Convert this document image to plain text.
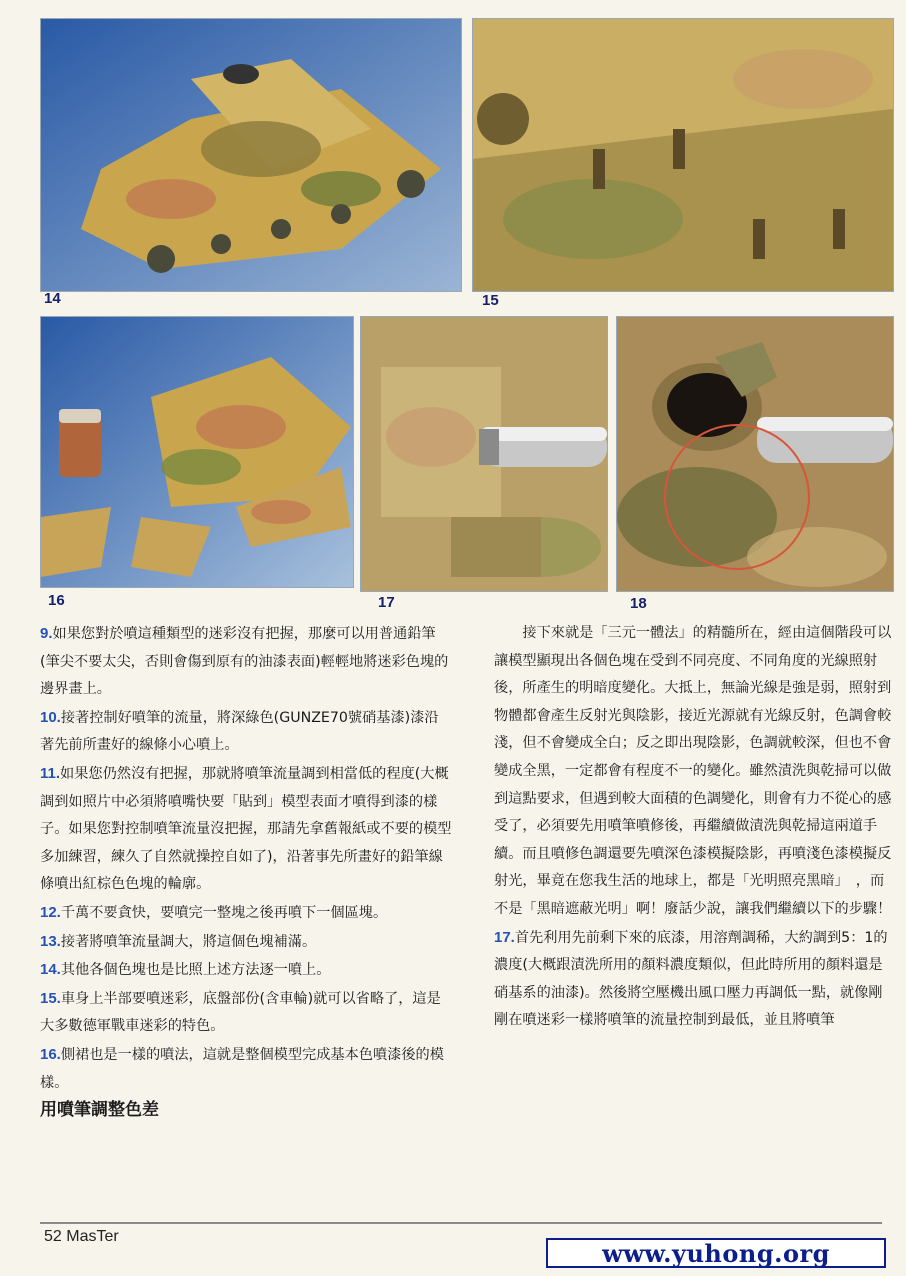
14	15
16	17	18

9.如果您對於噴這種類型的迷彩沒有把握，那麼可以用普通鉛筆(筆尖不要太尖，否則會傷到原有的油漆表面)輕輕地將迷彩色塊的邊界畫上。

10.接著控制好噴筆的流量，將深綠色(GUNZE70號硝基漆)漆沿著先前所畫好的線條小心噴上。

11.如果您仍然沒有把握，那就將噴筆流量調到相當低的程度(大概調到如照片中必須將噴嘴快要「貼到」模型表面才噴得到漆的樣子。如果您對控制噴筆流量沒把握，那請先拿舊報紙或不要的模型多加練習，練久了自然就操控自如了)，沿著事先所畫好的鉛筆線條噴出紅棕色色塊的輪廓。

12.千萬不要貪快，要噴完一整塊之後再噴下一個區塊。

13.接著將噴筆流量調大，將這個色塊補滿。

14.其他各個色塊也是比照上述方法逐一噴上。

15.車身上半部要噴迷彩，底盤部份(含車輪)就可以省略了，這是大多數德軍戰車迷彩的特色。

16.側裙也是一樣的噴法，這就是整個模型完成基本色噴漆後的模樣。

用噴筆調整色差

接下來就是「三元一體法」的精髓所在，經由這個階段可以讓模型顯現出各個色塊在受到不同亮度、不同角度的光線照射後，所產生的明暗度變化。大抵上，無論光線是強是弱，照射到物體都會產生反射光與陰影，接近光源就有光線反射，色調會較淺，但不會變成全白；反之即出現陰影，色調就較深，但也不會變成全黑，一定都會有程度不一的變化。雖然漬洗與乾掃可以做到這點要求，但遇到較大面積的色調變化，則會有力不從心的感受了，必須要先用噴筆噴修後，再繼續做漬洗與乾掃這兩道手續。而且噴修色調還要先噴深色漆模擬陰影，再噴淺色漆模擬反射光，畢竟在您我生活的地球上，都是「光明照亮黑暗」　，而不是「黑暗遮蔽光明」啊！廢話少說，讓我們繼續以下的步驟！

17.首先利用先前剩下來的底漆，用溶劑調稀，大約調到5：1的濃度(大概跟漬洗所用的顏料濃度類似，但此時所用的顏料還是硝基系的油漆)。然後將空壓機出風口壓力再調低一點，就像剛剛在噴迷彩一樣將噴筆的流量控制到最低，並且將噴筆

52 MasTer
www.yuhong.org
